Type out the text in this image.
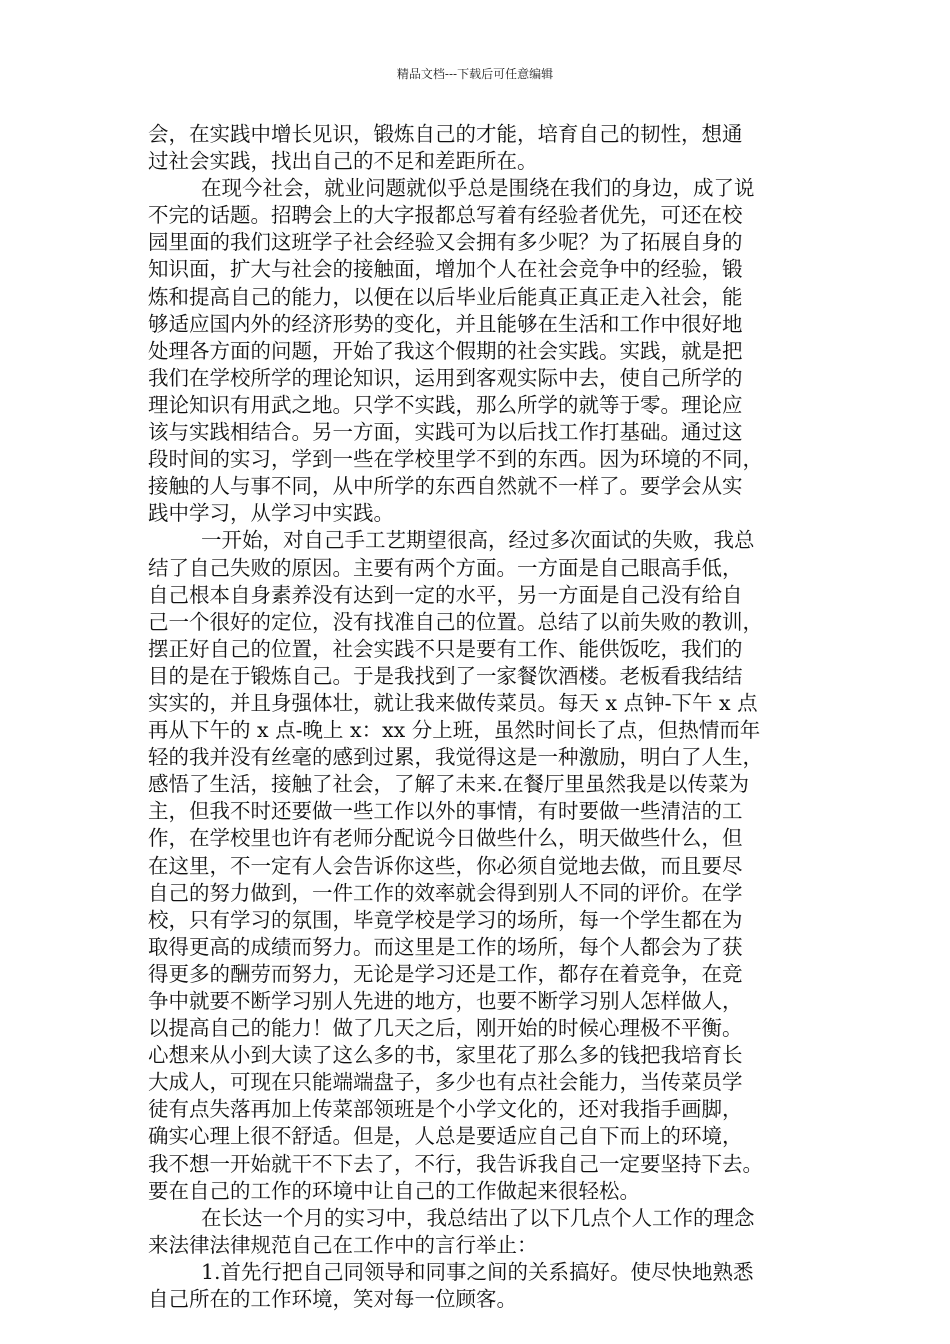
精品文档---下载后可任意编辑
会，在实践中增长见识，锻炼自己的才能，培育自己的韧性，想通
过社会实践，找出自己的不足和差距所在。
在现今社会，就业问题就似乎总是围绕在我们的身边，成了说
不完的话题。招聘会上的大字报都总写着有经验者优先，可还在校
园里面的我们这班学子社会经验又会拥有多少呢？为了拓展自身的
知识面，扩大与社会的接触面，增加个人在社会竞争中的经验，锻
炼和提高自己的能力，以便在以后毕业后能真正真正走入社会，能
够适应国内外的经济形势的变化，并且能够在生活和工作中很好地
处理各方面的问题，开始了我这个假期的社会实践。实践，就是把
我们在学校所学的理论知识，运用到客观实际中去，使自己所学的
理论知识有用武之地。只学不实践，那么所学的就等于零。理论应
该与实践相结合。另一方面，实践可为以后找工作打基础。通过这
段时间的实习，学到一些在学校里学不到的东西。因为环境的不同，
接触的人与事不同，从中所学的东西自然就不一样了。要学会从实
践中学习，从学习中实践。
一开始，对自己手工艺期望很高，经过多次面试的失败，我总
结了自己失败的原因。主要有两个方面。一方面是自己眼高手低，
自己根本自身素养没有达到一定的水平，另一方面是自己没有给自
己一个很好的定位，没有找准自己的位置。总结了以前失败的教训，
摆正好自己的位置，社会实践不只是要有工作、能供饭吃，我们的
目的是在于锻炼自己。于是我找到了一家餐饮酒楼。老板看我结结
实实的，并且身强体壮，就让我来做传菜员。每天 x 点钟-下午 x 点
再从下午的 x 点-晚上 x：xx 分上班，虽然时间长了点，但热情而年
轻的我并没有丝毫的感到过累，我觉得这是一种激励，明白了人生，
感悟了生活，接触了社会，了解了未来.在餐厅里虽然我是以传菜为
主，但我不时还要做一些工作以外的事情，有时要做一些清洁的工
作，在学校里也许有老师分配说今日做些什么，明天做些什么，但
在这里，不一定有人会告诉你这些，你必须自觉地去做，而且要尽
自己的努力做到，一件工作的效率就会得到别人不同的评价。在学
校，只有学习的氛围，毕竟学校是学习的场所，每一个学生都在为
取得更高的成绩而努力。而这里是工作的场所，每个人都会为了获
得更多的酬劳而努力，无论是学习还是工作，都存在着竞争，在竞
争中就要不断学习别人先进的地方，也要不断学习别人怎样做人，
以提高自己的能力！做了几天之后，刚开始的时候心理极不平衡。
心想来从小到大读了这么多的书，家里花了那么多的钱把我培育长
大成人，可现在只能端端盘子，多少也有点社会能力，当传菜员学
徒有点失落再加上传菜部领班是个小学文化的，还对我指手画脚，
确实心理上很不舒适。但是，人总是要适应自己自下而上的环境，
我不想一开始就干不下去了，不行，我告诉我自己一定要坚持下去。
要在自己的工作的环境中让自己的工作做起来很轻松。
在长达一个月的实习中，我总结出了以下几点个人工作的理念
来法律法律规范自己在工作中的言行举止：
1.首先行把自己同领导和同事之间的关系搞好。使尽快地熟悉
自己所在的工作环境，笑对每一位顾客。
